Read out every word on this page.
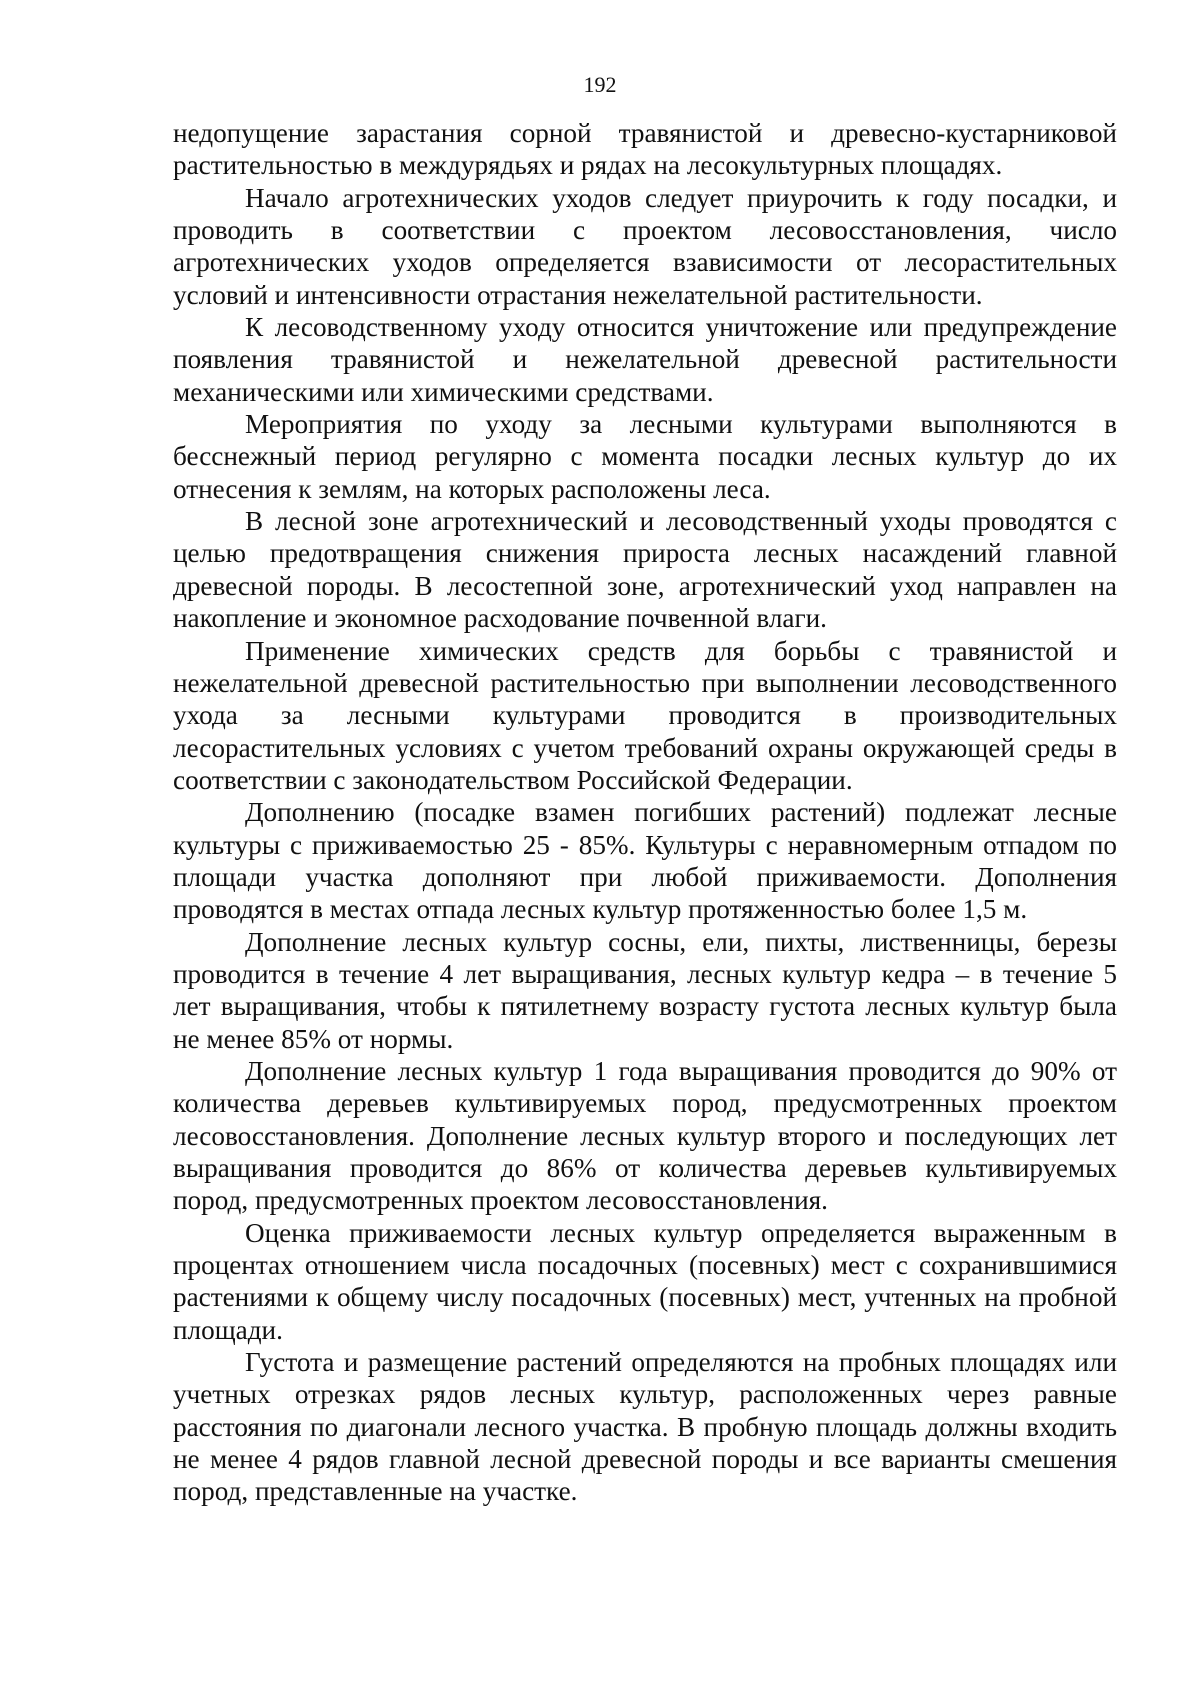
192

недопущение зарастания сорной травянистой и древесно-кустарниковой растительностью в междурядьях и рядах на лесокультурных площадях.

Начало агротехнических уходов следует приурочить к году посадки, и проводить в соответствии с проектом лесовосстановления, число агротехнических уходов определяется взависимости от лесорастительных условий и интенсивности отрастания нежелательной растительности.

К лесоводственному уходу относится уничтожение или предупреждение появления травянистой и нежелательной древесной растительности механическими или химическими средствами.

Мероприятия по уходу за лесными культурами выполняются в бесснежный период регулярно с момента посадки лесных культур до их отнесения к землям, на которых расположены леса.

В лесной зоне агротехнический и лесоводственный уходы проводятся с целью предотвращения снижения прироста лесных насаждений главной древесной породы. В лесостепной зоне, агротехнический уход направлен на накопление и экономное расходование почвенной влаги.

Применение химических средств для борьбы с травянистой и нежелательной древесной растительностью при выполнении лесоводственного ухода за лесными культурами проводится в производительных лесорастительных условиях с учетом требований охраны окружающей среды в соответствии с законодательством Российской Федерации.

Дополнению (посадке взамен погибших растений) подлежат лесные культуры с приживаемостью 25 - 85%. Культуры с неравномерным отпадом по площади участка дополняют при любой приживаемости. Дополнения проводятся в местах отпада лесных культур протяженностью более 1,5 м.

Дополнение лесных культур сосны, ели, пихты, лиственницы, березы проводится в течение 4 лет выращивания, лесных культур кедра – в течение 5 лет выращивания, чтобы к пятилетнему возрасту густота лесных культур была не менее 85% от нормы.

Дополнение лесных культур 1 года выращивания проводится до 90% от количества деревьев культивируемых пород, предусмотренных проектом лесовосстановления. Дополнение лесных культур второго и последующих лет выращивания проводится до 86% от количества деревьев культивируемых пород, предусмотренных проектом лесовосстановления.

Оценка приживаемости лесных культур определяется выраженным в процентах отношением числа посадочных (посевных) мест с сохранившимися растениями к общему числу посадочных (посевных) мест, учтенных на пробной площади.

Густота и размещение растений определяются на пробных площадях или учетных отрезках рядов лесных культур, расположенных через равные расстояния по диагонали лесного участка. В пробную площадь должны входить не менее 4 рядов главной лесной древесной породы и все варианты смешения пород, представленные на участке.
